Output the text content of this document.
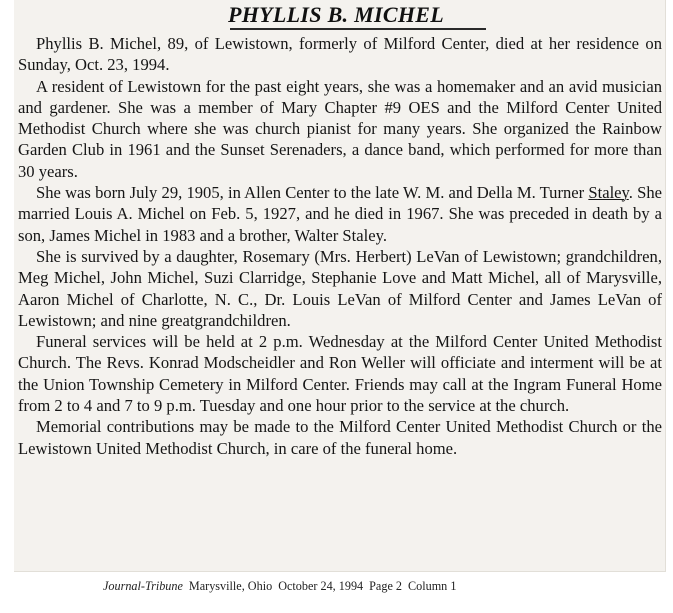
PHYLLIS B. MICHEL

Phyllis B. Michel, 89, of Lewistown, formerly of Milford Center, died at her residence on Sunday, Oct. 23, 1994.

A resident of Lewistown for the past eight years, she was a homemaker and an avid musician and gardener. She was a member of Mary Chapter #9 OES and the Milford Center United Methodist Church where she was church pianist for many years. She organized the Rainbow Garden Club in 1961 and the Sunset Serenaders, a dance band, which performed for more than 30 years.

She was born July 29, 1905, in Allen Center to the late W. M. and Della M. Turner Staley. She married Louis A. Michel on Feb. 5, 1927, and he died in 1967. She was preceded in death by a son, James Michel in 1983 and a brother, Walter Staley.

She is survived by a daughter, Rosemary (Mrs. Herbert) LeVan of Lewistown; grandchildren, Meg Michel, John Michel, Suzi Clarridge, Stephanie Love and Matt Michel, all of Marysville, Aaron Michel of Charlotte, N. C., Dr. Louis LeVan of Milford Center and James LeVan of Lewistown; and nine greatgrandchildren.

Funeral services will be held at 2 p.m. Wednesday at the Milford Center United Methodist Church. The Revs. Konrad Modscheidler and Ron Weller will officiate and interment will be at the Union Township Cemetery in Milford Center. Friends may call at the Ingram Funeral Home from 2 to 4 and 7 to 9 p.m. Tuesday and one hour prior to the service at the church.

Memorial contributions may be made to the Milford Center United Methodist Church or the Lewistown United Methodist Church, in care of the funeral home.

Journal-Tribune Marysville, Ohio October 24, 1994 Page 2 Column 1
